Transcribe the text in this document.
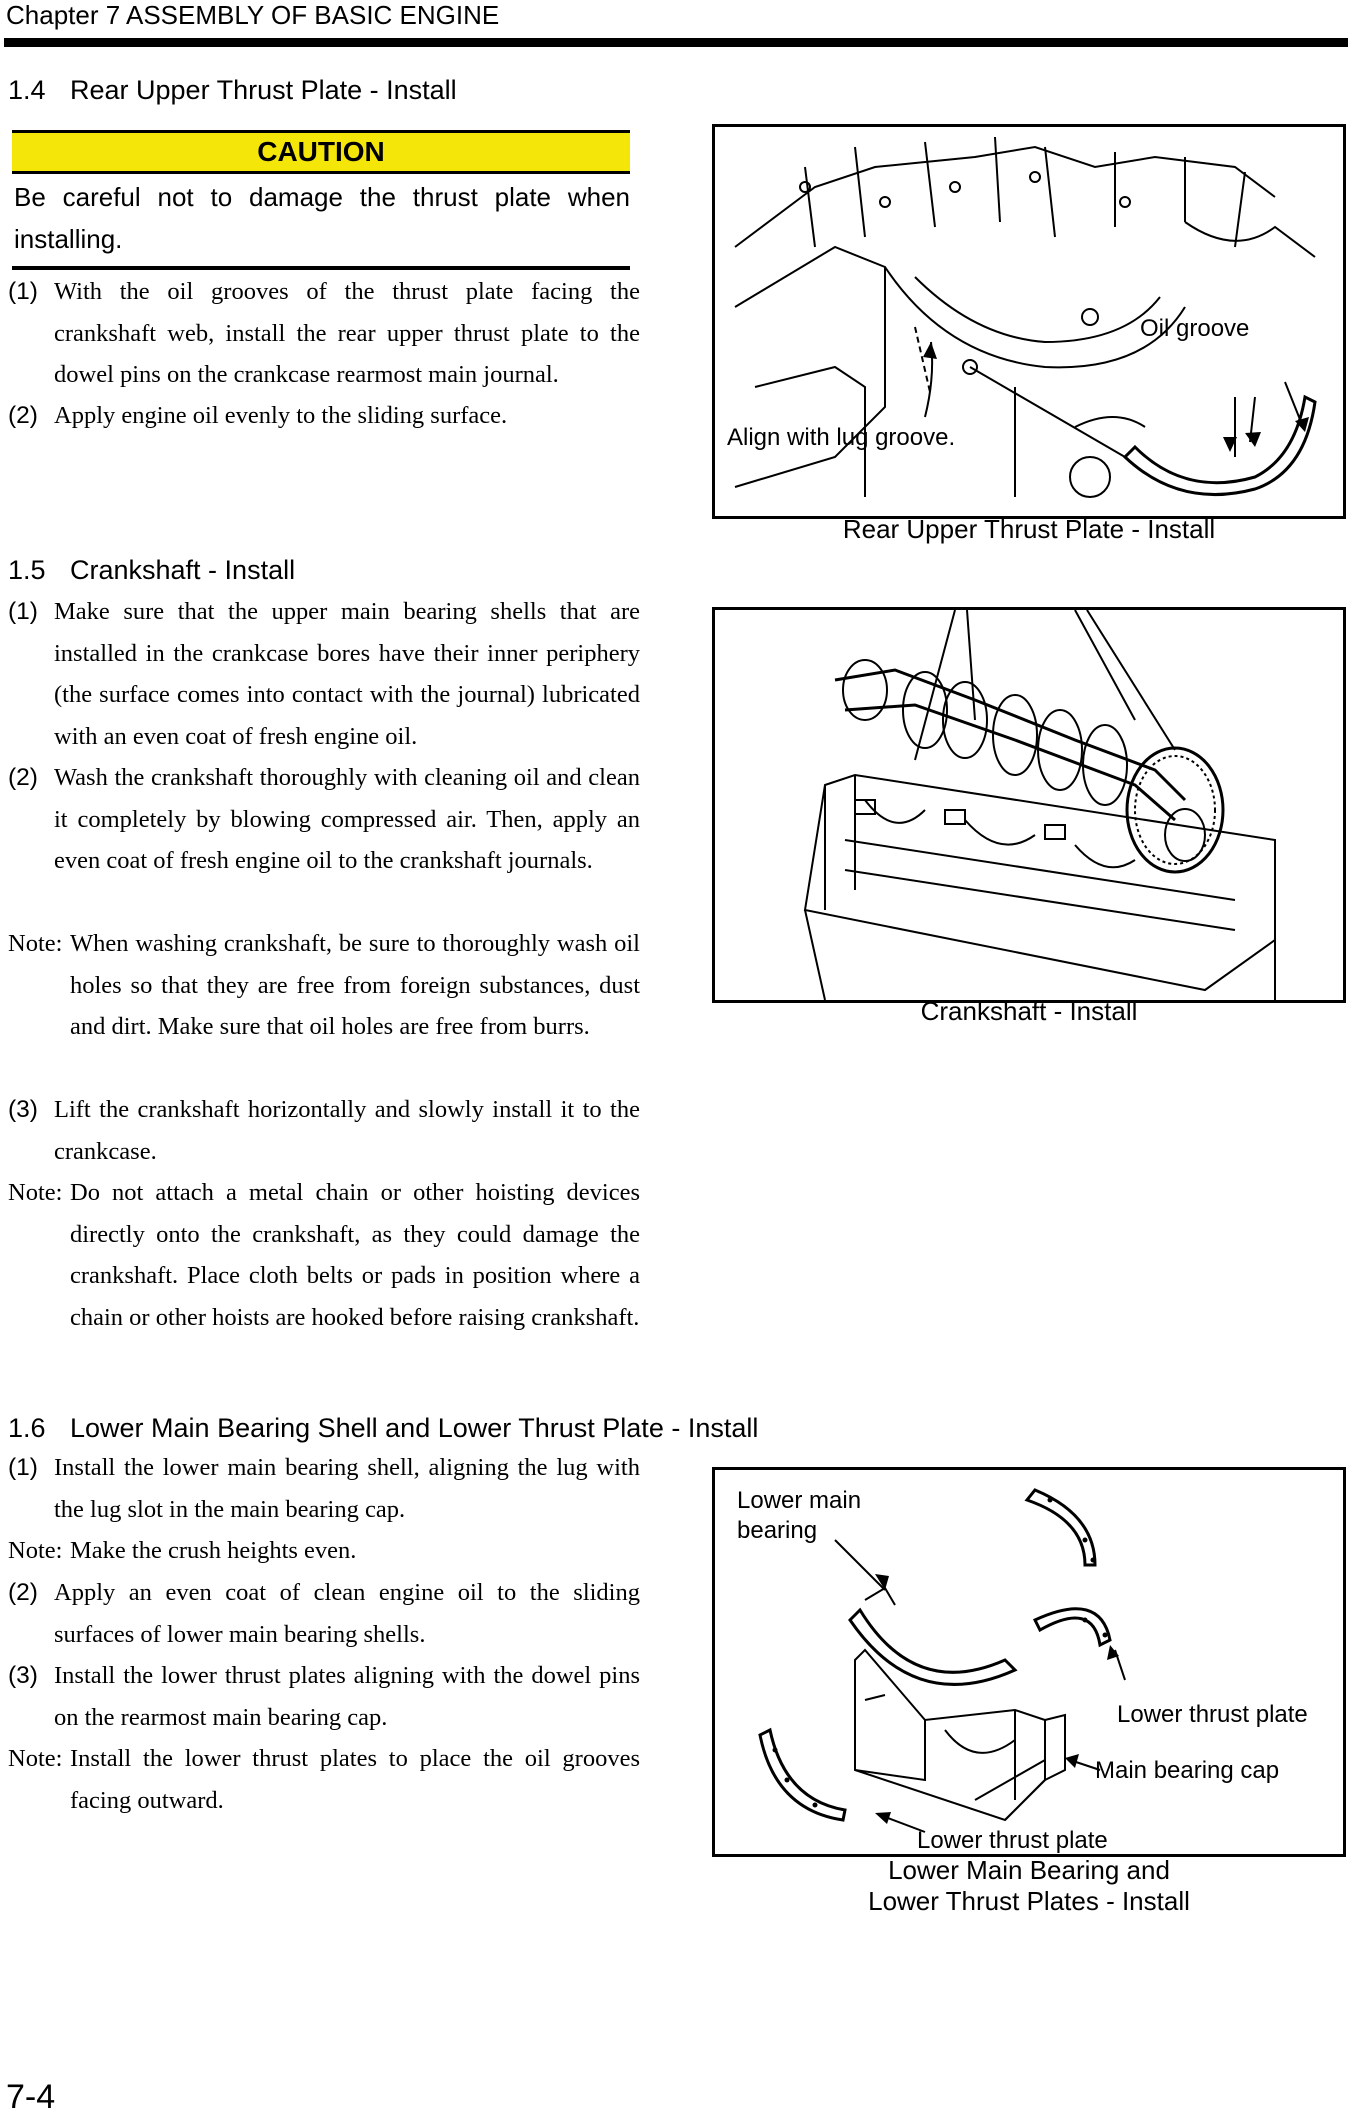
Chapter 7 ASSEMBLY OF BASIC ENGINE
1.4 Rear Upper Thrust Plate - Install
CAUTION
Be careful not to damage the thrust plate when installing.
(1) With the oil grooves of the thrust plate facing the crankshaft web, install the rear upper thrust plate to the dowel pins on the crankcase rearmost main journal.
(2) Apply engine oil evenly to the sliding surface.
Oil groove
Align with lug groove.
Rear Upper Thrust Plate - Install
1.5 Crankshaft - Install
(1) Make sure that the upper main bearing shells that are installed in the crankcase bores have their inner periphery (the surface comes into contact with the journal) lubricated with an even coat of fresh engine oil.
(2) Wash the crankshaft thoroughly with cleaning oil and clean it completely by blowing compressed air. Then, apply an even coat of fresh engine oil to the crankshaft journals.
Note: When washing crankshaft, be sure to thoroughly wash oil holes so that they are free from foreign substances, dust and dirt. Make sure that oil holes are free from burrs.
(3) Lift the crankshaft horizontally and slowly install it to the crankcase.
Note: Do not attach a metal chain or other hoisting devices directly onto the crankshaft, as they could damage the crankshaft. Place cloth belts or pads in position where a chain or other hoists are hooked before raising crankshaft.
Crankshaft - Install
1.6 Lower Main Bearing Shell and Lower Thrust Plate - Install
(1) Install the lower main bearing shell, aligning the lug with the lug slot in the main bearing cap.
Note: Make the crush heights even.
(2) Apply an even coat of clean engine oil to the sliding surfaces of lower main bearing shells.
(3) Install the lower thrust plates aligning with the dowel pins on the rearmost main bearing cap.
Note: Install the lower thrust plates to place the oil grooves facing outward.
Lower main
bearing
Lower thrust plate
Main bearing cap
Lower thrust plate
Lower Main Bearing and
Lower Thrust Plates - Install
7-4
